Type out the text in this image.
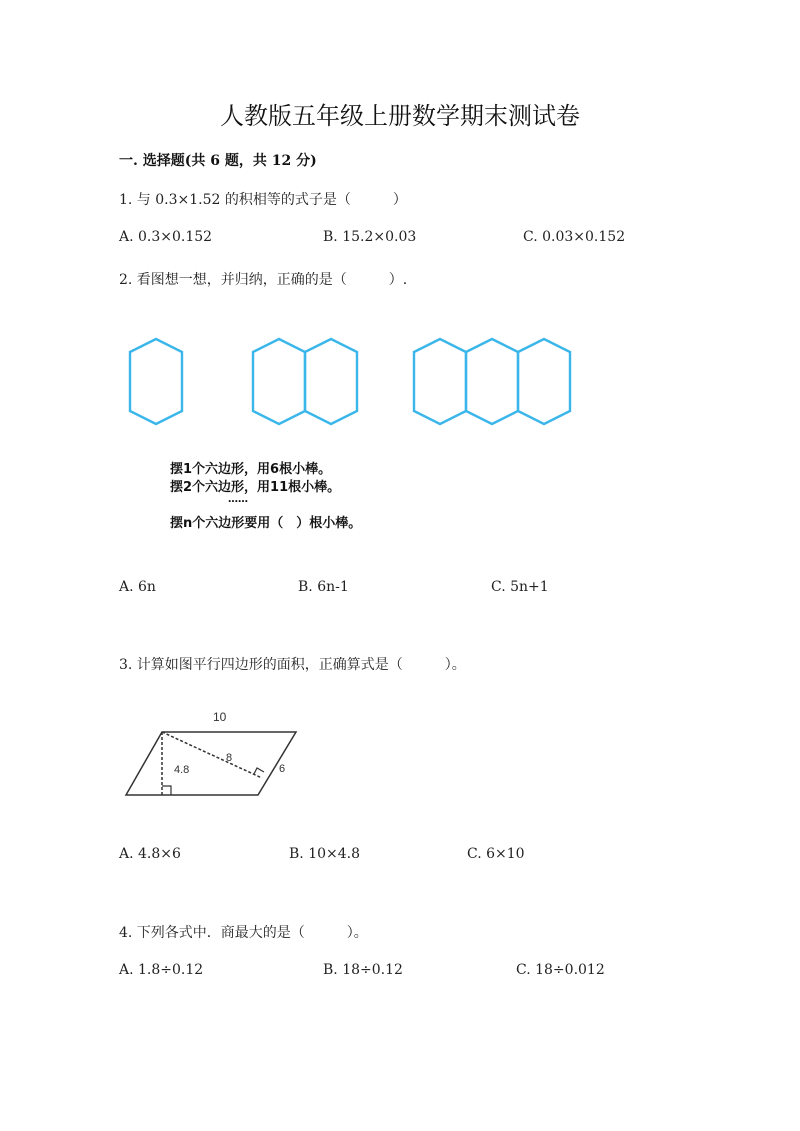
人教版五年级上册数学期末测试卷
一. 选择题(共 6 题，共 12 分)
1. 与 0.3×1.52 的积相等的式子是（　　　）
A. 0.3×0.152	B. 15.2×0.03	C. 0.03×0.152
2. 看图想一想，并归纳，正确的是（　　　）.
摆1个六边形，用6根小棒。
摆2个六边形，用11根小棒。
……
摆n个六边形要用（　）根小棒。
A. 6n	B. 6n-1	C. 5n+1
3. 计算如图平行四边形的面积，正确算式是（　　　）。
10
4.8
8
6
A. 4.8×6	B. 10×4.8	C. 6×10
4. 下列各式中．商最大的是（　　　）。
A. 1.8÷0.12	B. 18÷0.12	C. 18÷0.012
